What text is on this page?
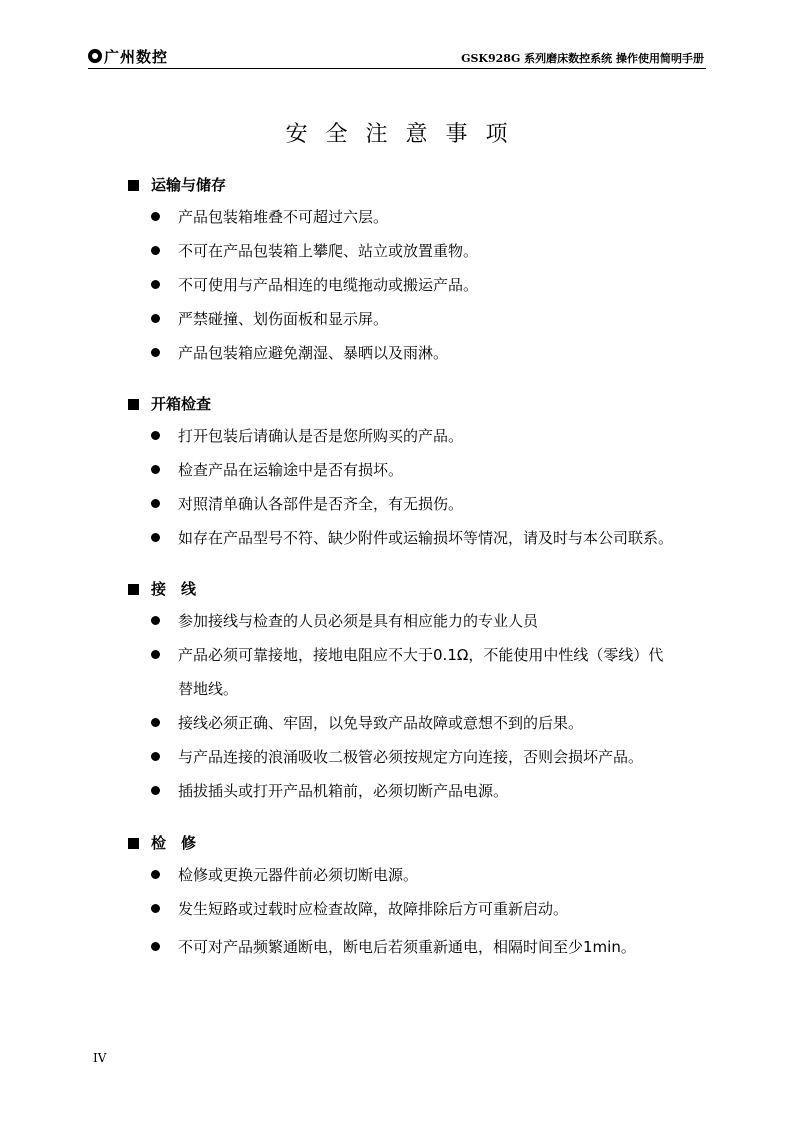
广州数控	GSK928G 系列磨床数控系统 操作使用简明手册
安全注意事项
运输与储存
产品包装箱堆叠不可超过六层。
不可在产品包装箱上攀爬、站立或放置重物。
不可使用与产品相连的电缆拖动或搬运产品。
严禁碰撞、划伤面板和显示屏。
产品包装箱应避免潮湿、暴晒以及雨淋。
开箱检查
打开包装后请确认是否是您所购买的产品。
检查产品在运输途中是否有损坏。
对照清单确认各部件是否齐全，有无损伤。
如存在产品型号不符、缺少附件或运输损坏等情况，请及时与本公司联系。
接　线
参加接线与检查的人员必须是具有相应能力的专业人员
产品必须可靠接地，接地电阻应不大于0.1Ω，不能使用中性线（零线）代
替地线。
接线必须正确、牢固，以免导致产品故障或意想不到的后果。
与产品连接的浪涌吸收二极管必须按规定方向连接，否则会损坏产品。
插拔插头或打开产品机箱前，必须切断产品电源。
检　修
检修或更换元器件前必须切断电源。
发生短路或过载时应检查故障，故障排除后方可重新启动。
不可对产品频繁通断电，断电后若须重新通电，相隔时间至少1min。
IV
